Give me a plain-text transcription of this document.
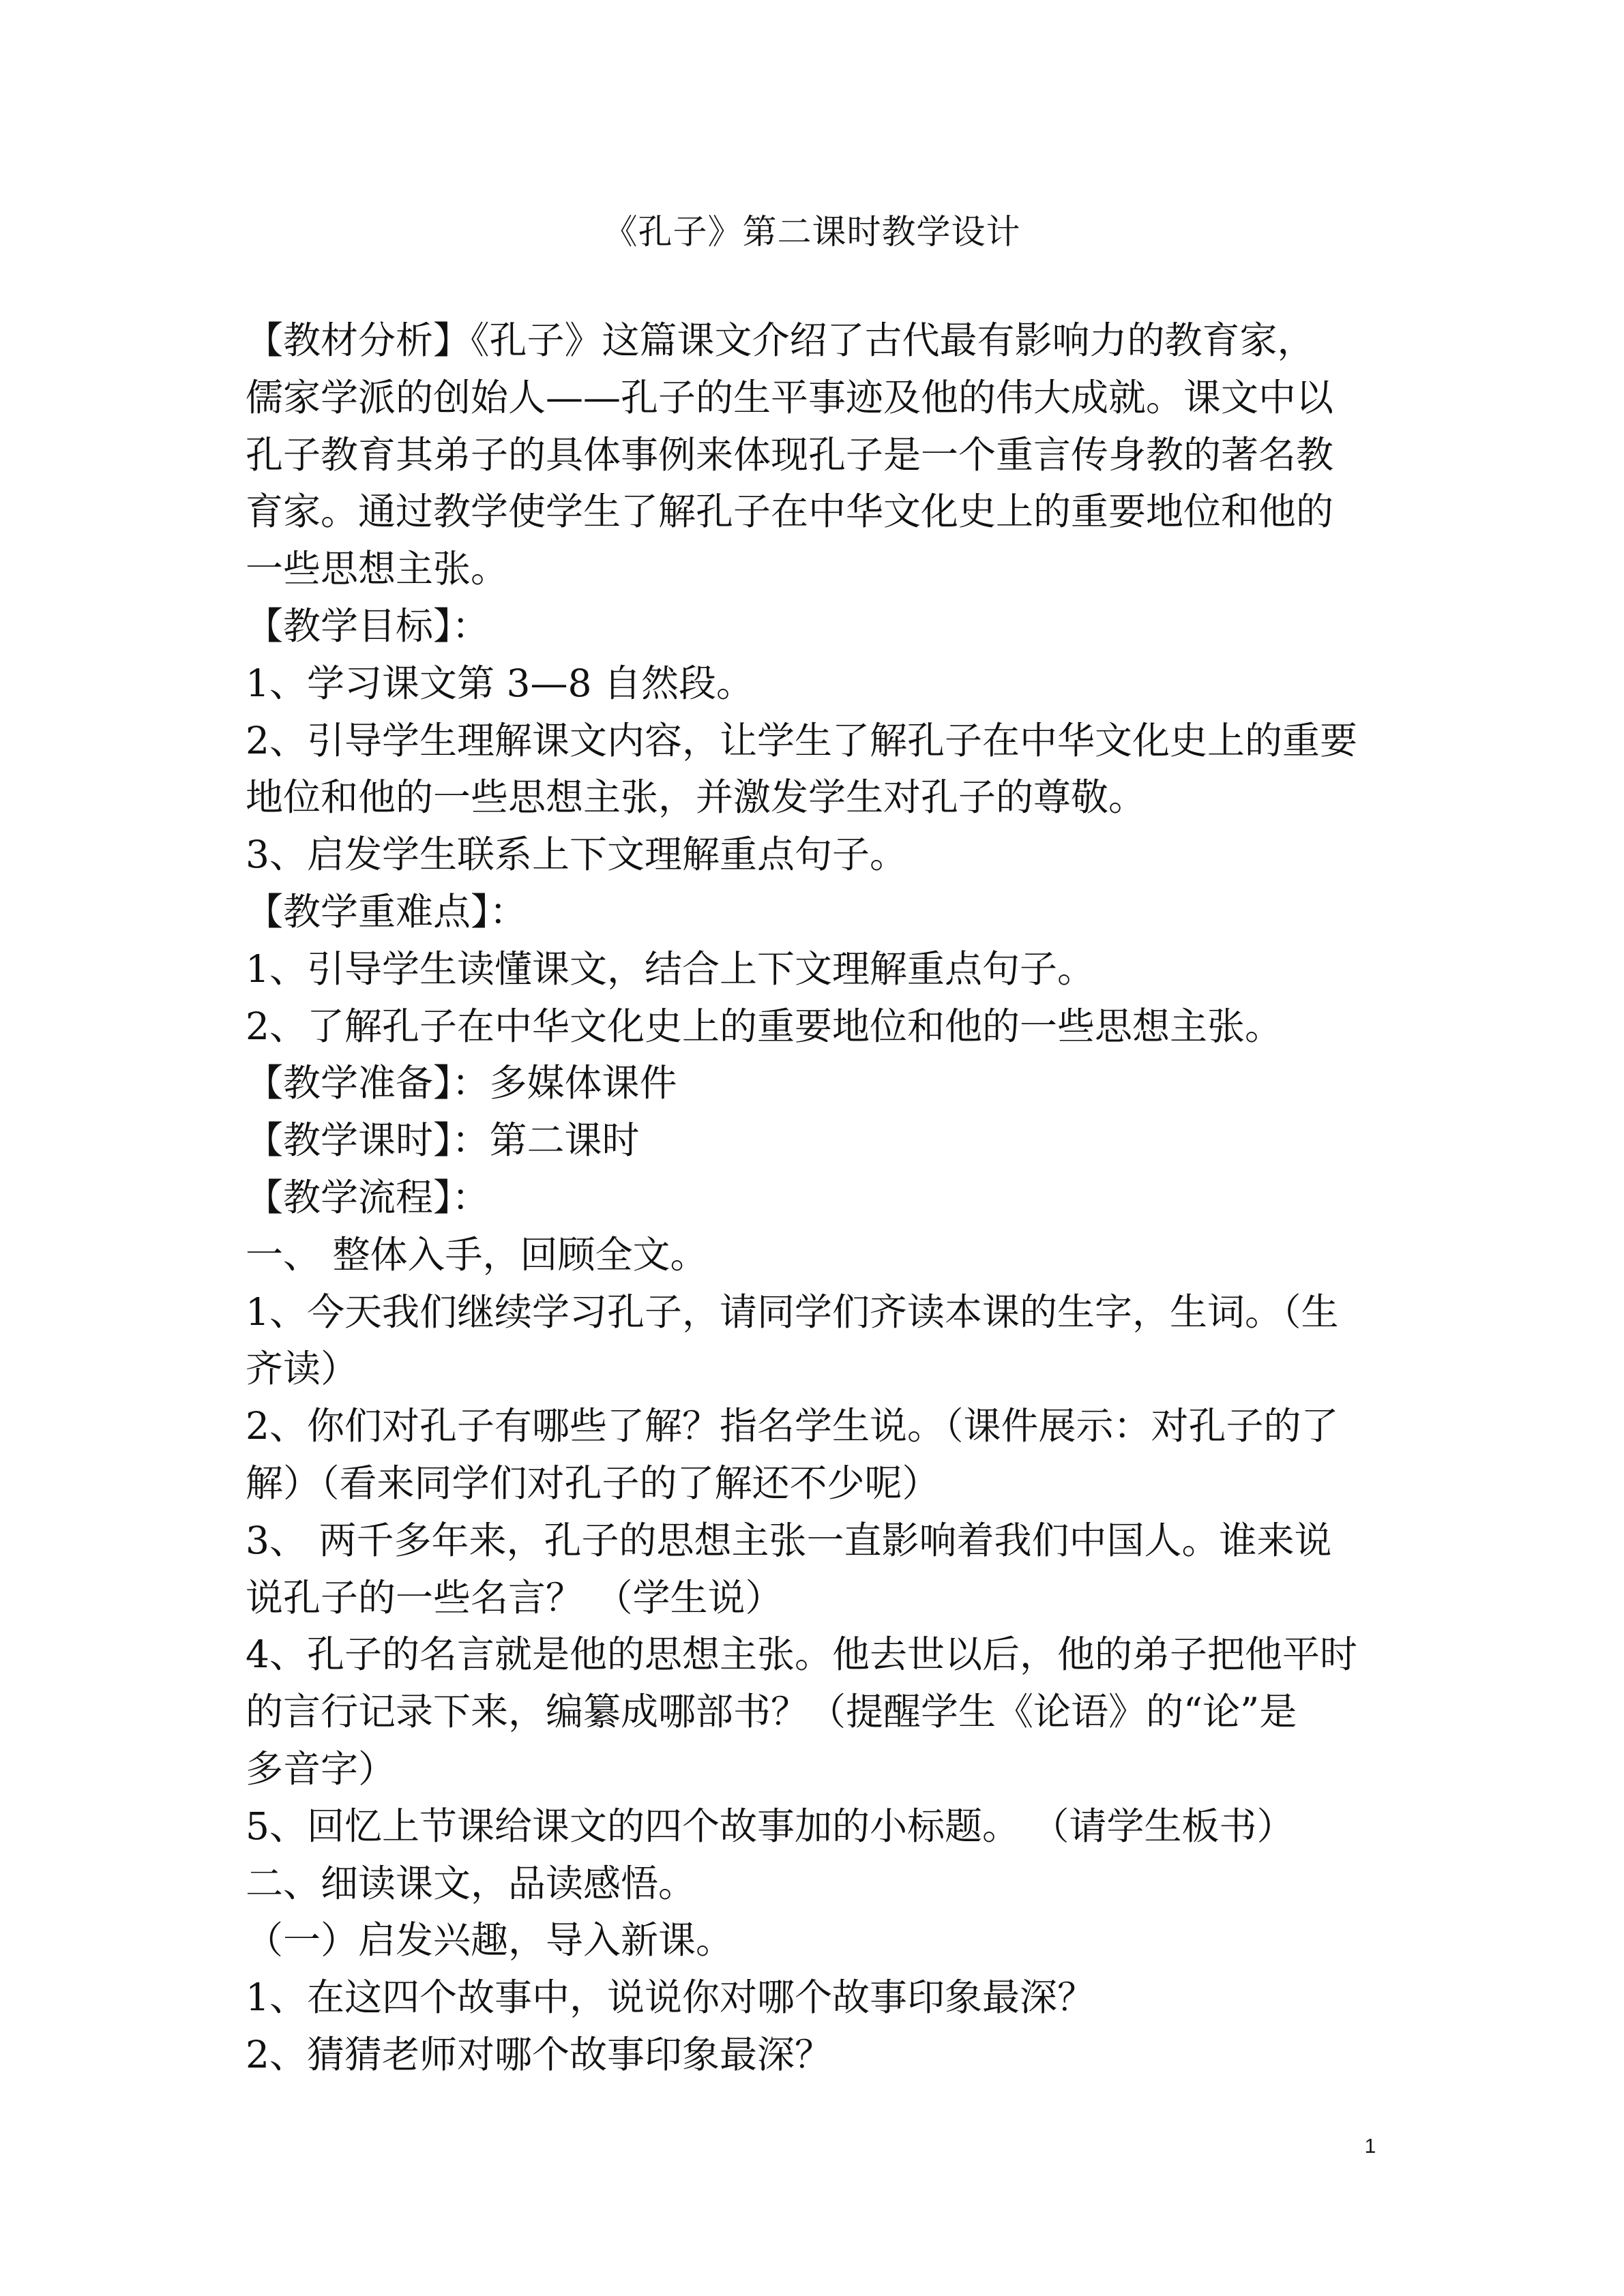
《孔子》第二课时教学设计
【教材分析】《孔子》这篇课文介绍了古代最有影响力的教育家，
儒家学派的创始人——孔子的生平事迹及他的伟大成就。课文中以
孔子教育其弟子的具体事例来体现孔子是一个重言传身教的著名教
育家。通过教学使学生了解孔子在中华文化史上的重要地位和他的
一些思想主张。
【教学目标】：
1、学习课文第 3—8 自然段。
2、引导学生理解课文内容，让学生了解孔子在中华文化史上的重要
地位和他的一些思想主张，并激发学生对孔子的尊敬。
3、启发学生联系上下文理解重点句子。
【教学重难点】：
1、引导学生读懂课文，结合上下文理解重点句子。
2、了解孔子在中华文化史上的重要地位和他的一些思想主张。
【教学准备】：多媒体课件
【教学课时】：第二课时
【教学流程】：
一、 整体入手，回顾全文。
1、今天我们继续学习孔子，请同学们齐读本课的生字，生词。（生
齐读）
2、你们对孔子有哪些了解？指名学生说。（课件展示：对孔子的了
解）（看来同学们对孔子的了解还不少呢）
3、 两千多年来，孔子的思想主张一直影响着我们中国人。谁来说
说孔子的一些名言？ （学生说）
4、孔子的名言就是他的思想主张。他去世以后，他的弟子把他平时
的言行记录下来，编纂成哪部书？（提醒学生《论语》的“论”是
多音字）
5、回忆上节课给课文的四个故事加的小标题。 （请学生板书）
二、细读课文，品读感悟。
（一）启发兴趣，导入新课。
1、在这四个故事中，说说你对哪个故事印象最深？
2、猜猜老师对哪个故事印象最深？
1
